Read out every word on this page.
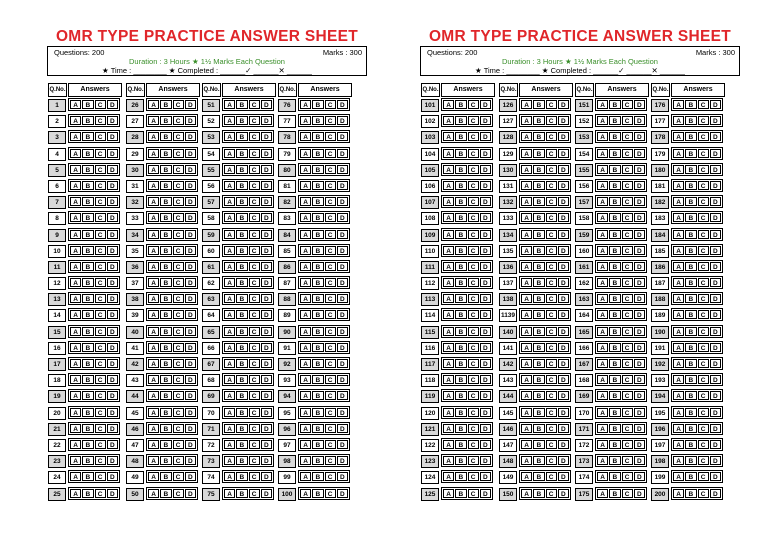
OMR TYPE PRACTICE ANSWER SHEET
Questions: 200	Marks : 300
Duration : 3 Hours ★ 1½ Marks Each Question
★ Time : ________ ★ Completed : ______✓ ______✕ ______
Q.No.	Answers
1	A	B	C	D
2	A	B	C	D
3	A	B	C	D
4	A	B	C	D
5	A	B	C	D
6	A	B	C	D
7	A	B	C	D
8	A	B	C	D
9	A	B	C	D
10	A	B	C	D
11	A	B	C	D
12	A	B	C	D
13	A	B	C	D
14	A	B	C	D
15	A	B	C	D
16	A	B	C	D
17	A	B	C	D
18	A	B	C	D
19	A	B	C	D
20	A	B	C	D
21	A	B	C	D
22	A	B	C	D
23	A	B	C	D
24	A	B	C	D
25	A	B	C	D
Q.No.	Answers
26	A	B	C	D
27	A	B	C	D
28	A	B	C	D
29	A	B	C	D
30	A	B	C	D
31	A	B	C	D
32	A	B	C	D
33	A	B	C	D
34	A	B	C	D
35	A	B	C	D
36	A	B	C	D
37	A	B	C	D
38	A	B	C	D
39	A	B	C	D
40	A	B	C	D
41	A	B	C	D
42	A	B	C	D
43	A	B	C	D
44	A	B	C	D
45	A	B	C	D
46	A	B	C	D
47	A	B	C	D
48	A	B	C	D
49	A	B	C	D
50	A	B	C	D
Q.No.	Answers
51	A	B	C	D
52	A	B	C	D
53	A	B	C	D
54	A	B	C	D
55	A	B	C	D
56	A	B	C	D
57	A	B	C	D
58	A	B	C	D
59	A	B	C	D
60	A	B	C	D
61	A	B	C	D
62	A	B	C	D
63	A	B	C	D
64	A	B	C	D
65	A	B	C	D
66	A	B	C	D
67	A	B	C	D
68	A	B	C	D
69	A	B	C	D
70	A	B	C	D
71	A	B	C	D
72	A	B	C	D
73	A	B	C	D
74	A	B	C	D
75	A	B	C	D
Q.No.	Answers
76	A	B	C	D
77	A	B	C	D
78	A	B	C	D
79	A	B	C	D
80	A	B	C	D
81	A	B	C	D
82	A	B	C	D
83	A	B	C	D
84	A	B	C	D
85	A	B	C	D
86	A	B	C	D
87	A	B	C	D
88	A	B	C	D
89	A	B	C	D
90	A	B	C	D
91	A	B	C	D
92	A	B	C	D
93	A	B	C	D
94	A	B	C	D
95	A	B	C	D
96	A	B	C	D
97	A	B	C	D
98	A	B	C	D
99	A	B	C	D
100	A	B	C	D
OMR TYPE PRACTICE ANSWER SHEET
Questions: 200	Marks : 300
Duration : 3 Hours ★ 1½ Marks Each Question
★ Time : ________ ★ Completed : ______✓ ______✕ ______
Q.No.	Answers
101	A	B	C	D
102	A	B	C	D
103	A	B	C	D
104	A	B	C	D
105	A	B	C	D
106	A	B	C	D
107	A	B	C	D
108	A	B	C	D
109	A	B	C	D
110	A	B	C	D
111	A	B	C	D
112	A	B	C	D
113	A	B	C	D
114	A	B	C	D
115	A	B	C	D
116	A	B	C	D
117	A	B	C	D
118	A	B	C	D
119	A	B	C	D
120	A	B	C	D
121	A	B	C	D
122	A	B	C	D
123	A	B	C	D
124	A	B	C	D
125	A	B	C	D
Q.No.	Answers
126	A	B	C	D
127	A	B	C	D
128	A	B	C	D
129	A	B	C	D
130	A	B	C	D
131	A	B	C	D
132	A	B	C	D
133	A	B	C	D
134	A	B	C	D
135	A	B	C	D
136	A	B	C	D
137	A	B	C	D
138	A	B	C	D
1139	A	B	C	D
140	A	B	C	D
141	A	B	C	D
142	A	B	C	D
143	A	B	C	D
144	A	B	C	D
145	A	B	C	D
146	A	B	C	D
147	A	B	C	D
148	A	B	C	D
149	A	B	C	D
150	A	B	C	D
Q.No.	Answers
151	A	B	C	D
152	A	B	C	D
153	A	B	C	D
154	A	B	C	D
155	A	B	C	D
156	A	B	C	D
157	A	B	C	D
158	A	B	C	D
159	A	B	C	D
160	A	B	C	D
161	A	B	C	D
162	A	B	C	D
163	A	B	C	D
164	A	B	C	D
165	A	B	C	D
166	A	B	C	D
167	A	B	C	D
168	A	B	C	D
169	A	B	C	D
170	A	B	C	D
171	A	B	C	D
172	A	B	C	D
173	A	B	C	D
174	A	B	C	D
175	A	B	C	D
Q.No.	Answers
176	A	B	C	D
177	A	B	C	D
178	A	B	C	D
179	A	B	C	D
180	A	B	C	D
181	A	B	C	D
182	A	B	C	D
183	A	B	C	D
184	A	B	C	D
185	A	B	C	D
186	A	B	C	D
187	A	B	C	D
188	A	B	C	D
189	A	B	C	D
190	A	B	C	D
191	A	B	C	D
192	A	B	C	D
193	A	B	C	D
194	A	B	C	D
195	A	B	C	D
196	A	B	C	D
197	A	B	C	D
198	A	B	C	D
199	A	B	C	D
200	A	B	C	D
